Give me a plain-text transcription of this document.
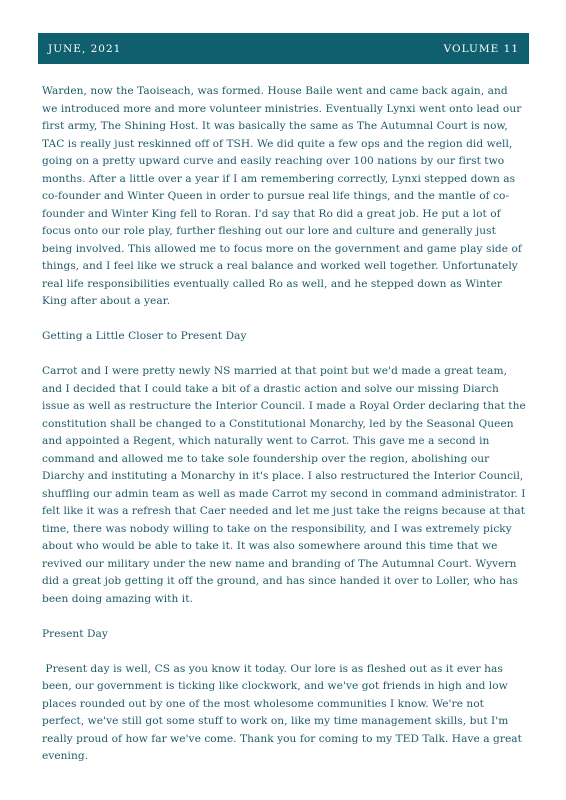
JUNE, 2021	VOLUME 11

Warden, now the Taoiseach, was formed. House Baile went and came back again, and we introduced more and more volunteer ministries. Eventually Lynxi went onto lead our first army, The Shining Host. It was basically the same as The Autumnal Court is now, TAC is really just reskinned off of TSH. We did quite a few ops and the region did well, going on a pretty upward curve and easily reaching over 100 nations by our first two months. After a little over a year if I am remembering correctly, Lynxi stepped down as co-founder and Winter Queen in order to pursue real life things, and the mantle of co-founder and Winter King fell to Roran. I'd say that Ro did a great job. He put a lot of focus onto our role play, further fleshing out our lore and culture and generally just being involved. This allowed me to focus more on the government and game play side of things, and I feel like we struck a real balance and worked well together. Unfortunately real life responsibilities eventually called Ro as well, and he stepped down as Winter King after about a year.

Getting a Little Closer to Present Day

Carrot and I were pretty newly NS married at that point but we'd made a great team, and I decided that I could take a bit of a drastic action and solve our missing Diarch issue as well as restructure the Interior Council. I made a Royal Order declaring that the constitution shall be changed to a Constitutional Monarchy, led by the Seasonal Queen and appointed a Regent, which naturally went to Carrot. This gave me a second in command and allowed me to take sole foundership over the region, abolishing our Diarchy and instituting a Monarchy in it's place. I also restructured the Interior Council, shuffling our admin team as well as made Carrot my second in command administrator. I felt like it was a refresh that Caer needed and let me just take the reigns because at that time, there was nobody willing to take on the responsibility, and I was extremely picky about who would be able to take it. It was also somewhere around this time that we revived our military under the new name and branding of The Autumnal Court. Wyvern did a great job getting it off the ground, and has since handed it over to Loller, who has been doing amazing with it.

Present Day

Present day is well, CS as you know it today. Our lore is as fleshed out as it ever has been, our government is ticking like clockwork, and we've got friends in high and low places rounded out by one of the most wholesome communities I know. We're not perfect, we've still got some stuff to work on, like my time management skills, but I'm really proud of how far we've come. Thank you for coming to my TED Talk. Have a great evening.
